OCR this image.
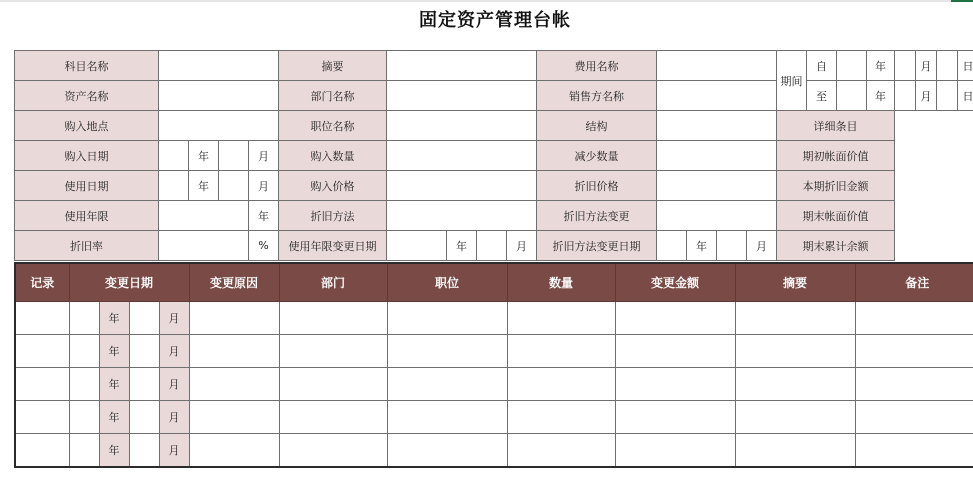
固定资产管理台帐
科目名称					摘要					费用名称					期间	自		年		月		日
资产名称					部门名称					销售方名称						至		年		月		日
购入地点					职位名称					结构					详细条目							
购入日期		年		月	购入数量					减少数量					期初帐面价值							
使用日期		年		月	购入价格					折旧价格					本期折旧金额							
使用年限				年	折旧方法					折旧方法变更					期末帐面价值							
折旧率				%	使用年限变更日期		年		月	折旧方法变更日期		年		月	期末累计余额							
记录	变更日期				变更原因	部门	职位	数量	变更金额	摘要	备注
		年		月							
		年		月							
		年		月							
		年		月							
		年		月							
